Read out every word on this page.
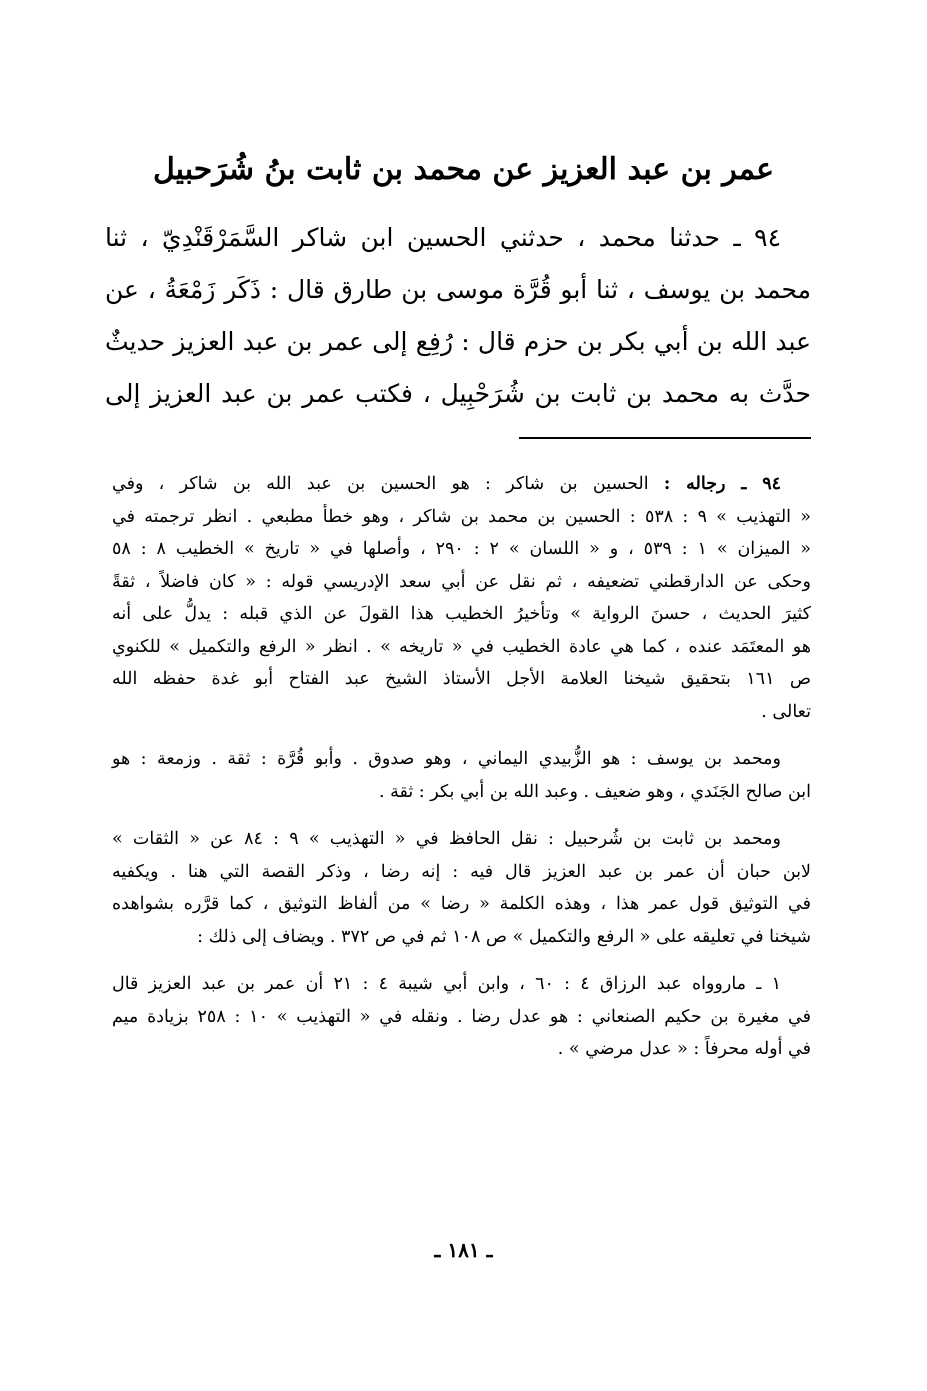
عمر بن عبد العزيز عن محمد بن ثابت بنُ شُرَحبيل
٩٤ ـ حدثنا محمد ، حدثني الحسين ابن شاكر السَّمَرْقَنْدِيّ ، ثنا
محمد بن يوسف ، ثنا أبو قُرَّة موسى بن طارق قال : ذَكَر زَمْعَةُ ، عن
عبد الله بن أبي بكر بن حزم قال : رُفِع إلى عمر بن عبد العزيز حديثٌ
حدَّث به محمد بن ثابت بن شُرَحْبِيل ، فكتب عمر بن عبد العزيز إلى
٩٤ ـ رجاله : الحسين بن شاكر : هو الحسين بن عبد الله بن شاكر ، وفي
« التهذيب » ٩ : ٥٣٨ : الحسين بن محمد بن شاكر ، وهو خطأ مطبعي . انظر ترجمته في
« الميزان » ١ : ٥٣٩ ، و « اللسان » ٢ : ٢٩٠ ، وأصلها في « تاريخ » الخطيب ٨ : ٥٨
وحكى عن الدارقطني تضعيفه ، ثم نقل عن أبي سعد الإدريسي قوله : « كان فاضلاً ، ثقةً
كثيرَ الحديث ، حسنَ الرواية » وتأخيرُ الخطيب هذا القولَ عن الذي قبله : يدلُّ على أنه
هو المعتَمَد عنده ، كما هي عادة الخطيب في « تاريخه » . انظر « الرفع والتكميل » للكنوي
ص ١٦١ بتحقيق شيخنا العلامة الأجل الأستاذ الشيخ عبد الفتاح أبو غدة حفظه الله
تعالى .
ومحمد بن يوسف : هو الزُّبيدي اليماني ، وهو صدوق . وأبو قُرَّة : ثقة . وزمعة : هو
ابن صالح الجَنَدي ، وهو ضعيف . وعبد الله بن أبي بكر : ثقة .
ومحمد بن ثابت بن شُرحبيل : نقل الحافظ في « التهذيب » ٩ : ٨٤ عن « الثقات »
لابن حبان أن عمر بن عبد العزيز قال فيه : إنه رضا ، وذكر القصة التي هنا . ويكفيه
في التوثيق قول عمر هذا ، وهذه الكلمة « رضا » من ألفاظ التوثيق ، كما قرَّره بشواهده
شيخنا في تعليقه على « الرفع والتكميل » ص ١٠٨ ثم في ص ٣٧٢ . ويضاف إلى ذلك :
١ ـ ماروواه عبد الرزاق ٤ : ٦٠ ، وابن أبي شيبة ٤ : ٢١ أن عمر بن عبد العزيز قال
في مغيرة بن حكيم الصنعاني : هو عدل رضا . ونقله في « التهذيب » ١٠ : ٢٥٨ بزيادة ميم
في أوله محرفاً : « عدل مرضي » .
ـ ١٨١ ـ
